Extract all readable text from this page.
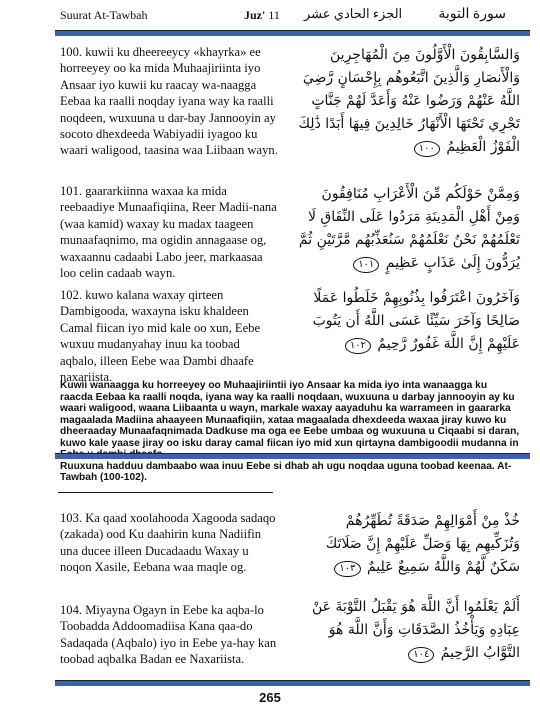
Suurat At-Tawbah	Juz' 11 الجزء الحادي عشر	سورة التوبة
100. kuwii ku dheereeycy «khayrka» ee horreeyey oo ka mida Muhaajiriinta iyo Ansaar iyo kuwii ku raacay wa-naagga Eebaa ka raalli noqday iyana way ka raalli noqdeen, wuxuuna u dar-bay Jannooyin ay socoto dhexdeeda Wabiyadii iyagoo ku waari waligood, taasina waa Liibaan wayn.
وَالسَّابِقُونَ الْأَوَّلُونَ مِنَ الْمُهَاجِرِينَ وَالْأَنصَارِ وَالَّذِينَ اتَّبَعُوهُم بِإِحْسَانٍ رَّضِيَ اللَّهُ عَنْهُمْ وَرَضُوا عَنْهُ وَأَعَدَّ لَهُمْ جَنَّاتٍ تَجْرِي تَحْتَهَا الْأَنْهَارُ خَالِدِينَ فِيهَا أَبَدًا ذَٰلِكَ الْفَوْزُ الْعَظِيمُ ١٠٠
101. gaararkiinna waxaa ka mida reebaadiye Munaafiqiina, Reer Madii-nana (waa kamid) waxay ku madax taageen munaafaqnimo, ma ogidin annagaase og, waxaannu cadaabi Labo jeer, markaasaa loo celin cadaab wayn.
وَمِمَّنْ حَوْلَكُم مِّنَ الْأَعْرَابِ مُنَافِقُونَ وَمِنْ أَهْلِ الْمَدِينَةِ مَرَدُوا عَلَى النِّفَاقِ لَا تَعْلَمُهُمْ نَحْنُ نَعْلَمُهُمْ سَنُعَذِّبُهُم مَّرَّتَيْنِ ثُمَّ يُرَدُّونَ إِلَىٰ عَذَابٍ عَظِيمٍ ١٠١
102. kuwo kalana waxay qirteen Dambigooda, waxayna isku khaldeen Camal fiican iyo mid kale oo xun, Eebe wuxuu mudanyahay inuu ka toobad aqbalo, illeen Eebe waa Dambi dhaafe naxariista.
وَآخَرُونَ اعْتَرَفُوا بِذُنُوبِهِمْ خَلَطُوا عَمَلًا صَالِحًا وَآخَرَ سَيِّئًا عَسَى اللَّهُ أَن يَتُوبَ عَلَيْهِمْ إِنَّ اللَّهَ غَفُورٌ رَّحِيمٌ ١٠٢

Kuwii wanaagga ku horreeyey oo Muhaajiriintii iyo Ansaar ka mida iyo inta wanaagga ku raacda Eebaa ka raalli noqda, iyana way ka raalli noqdaan, wuxuuna u darbay jannooyin ay ku waari waligood, waana Liibaanta u wayn, markale waxay aayaduhu ka warrameen in gaararka magaalada Madiina ahaayeen Munaafiqiin, xataa magaalada dhexdeeda waxaa jiray kuwo ku dheeraaday Munaafaqnimada Dadkuse ma oga ee Eebe umbaa og wuxuuna u Ciqaabi si daran, kuwo kale yaase jiray oo isku daray camal fiican iyo mid xun qirtayna dambigoodii mudanna in

Ruuxuna hadduu dambaabo waa inuu Eebe si dhab ah ugu noqdaa uguna toobad keenaa. At-Tawbah (100-102).

103. Ka qaad xoolahooda Xagooda sadaqo (zakada) ood Ku daahirin kuna Nadiifin una ducee illeen Ducadaadu Waxay u noqon Xasile, Eebana waa maqle og.
خُذْ مِنْ أَمْوَالِهِمْ صَدَقَةً تُطَهِّرُهُمْ وَتُزَكِّيهِم بِهَا وَصَلِّ عَلَيْهِمْ إِنَّ صَلَاتَكَ سَكَنٌ لَّهُمْ وَاللَّهُ سَمِيعٌ عَلِيمٌ ١٠٣
104. Miyayna Ogayn in Eebe ka aqba-lo Toobadda Addoomadiisa Kana qaa-do Sadaqada (Aqbalo) iyo in Eebe ya-hay kan toobad aqbalka Badan ee Naxariista.
أَلَمْ يَعْلَمُوا أَنَّ اللَّهَ هُوَ يَقْبَلُ التَّوْبَةَ عَنْ عِبَادِهِ وَيَأْخُذُ الصَّدَقَاتِ وَأَنَّ اللَّهَ هُوَ التَّوَّابُ الرَّحِيمُ ١٠٤
265
